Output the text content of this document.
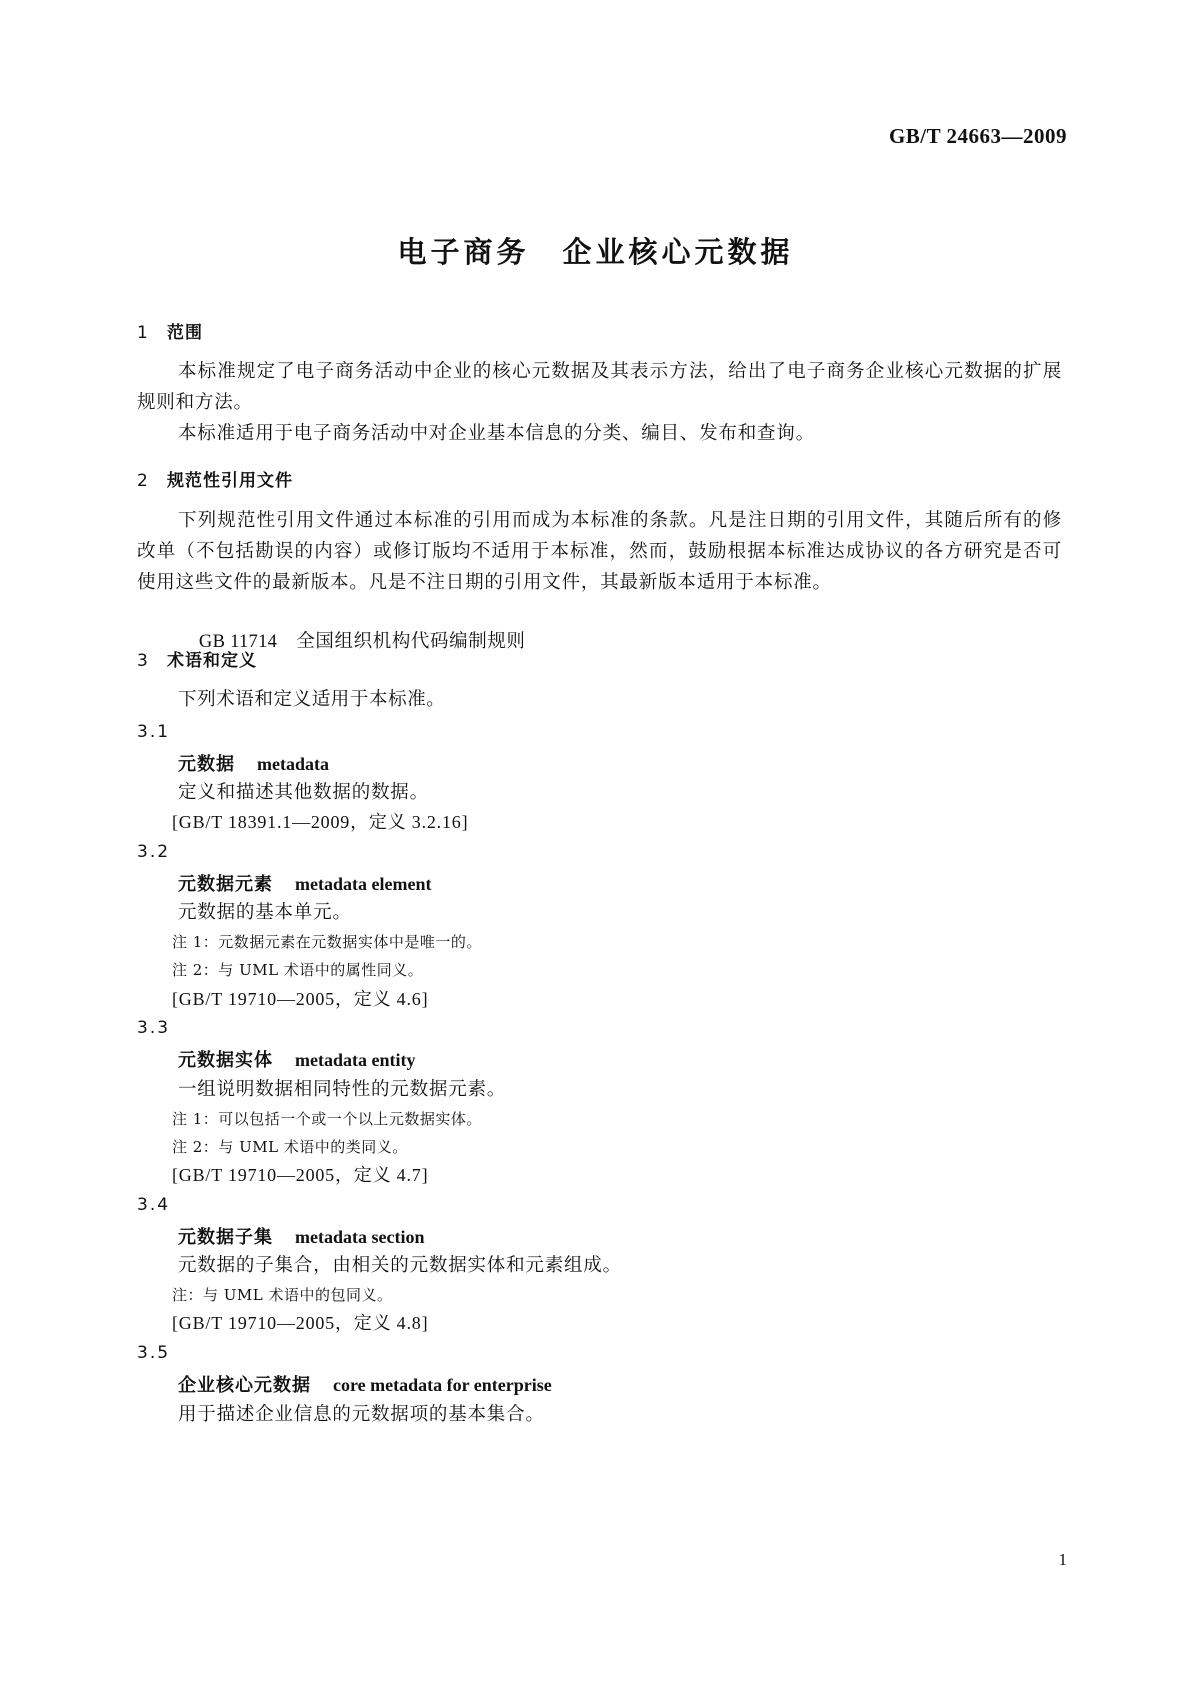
GB/T 24663—2009

电子商务　企业核心元数据
1 范围

本标准规定了电子商务活动中企业的核心元数据及其表示方法，给出了电子商务企业核心元数据的扩展规则和方法。

本标准适用于电子商务活动中对企业基本信息的分类、编目、发布和查询。

2 规范性引用文件

下列规范性引用文件通过本标准的引用而成为本标准的条款。凡是注日期的引用文件，其随后所有的修改单（不包括勘误的内容）或修订版均不适用于本标准，然而，鼓励根据本标准达成协议的各方研究是否可使用这些文件的最新版本。凡是不注日期的引用文件，其最新版本适用于本标准。

GB 11714　 全国组织机构代码编制规则

3 术语和定义

下列术语和定义适用于本标准。

3.1

元数据 metadata

定义和描述其他数据的数据。

[GB/T 18391.1—2009，定义 3.2.16]

3.2

元数据元素 metadata element

元数据的基本单元。

注 1：元数据元素在元数据实体中是唯一的。

注 2：与 UML 术语中的属性同义。

[GB/T 19710—2005，定义 4.6]

3.3

元数据实体 metadata entity

一组说明数据相同特性的元数据元素。

注 1：可以包括一个或一个以上元数据实体。

注 2：与 UML 术语中的类同义。

[GB/T 19710—2005，定义 4.7]

3.4

元数据子集 metadata section

元数据的子集合，由相关的元数据实体和元素组成。

注：与 UML 术语中的包同义。

[GB/T 19710—2005，定义 4.8]

3.5

企业核心元数据 core metadata for enterprise

用于描述企业信息的元数据项的基本集合。

1
